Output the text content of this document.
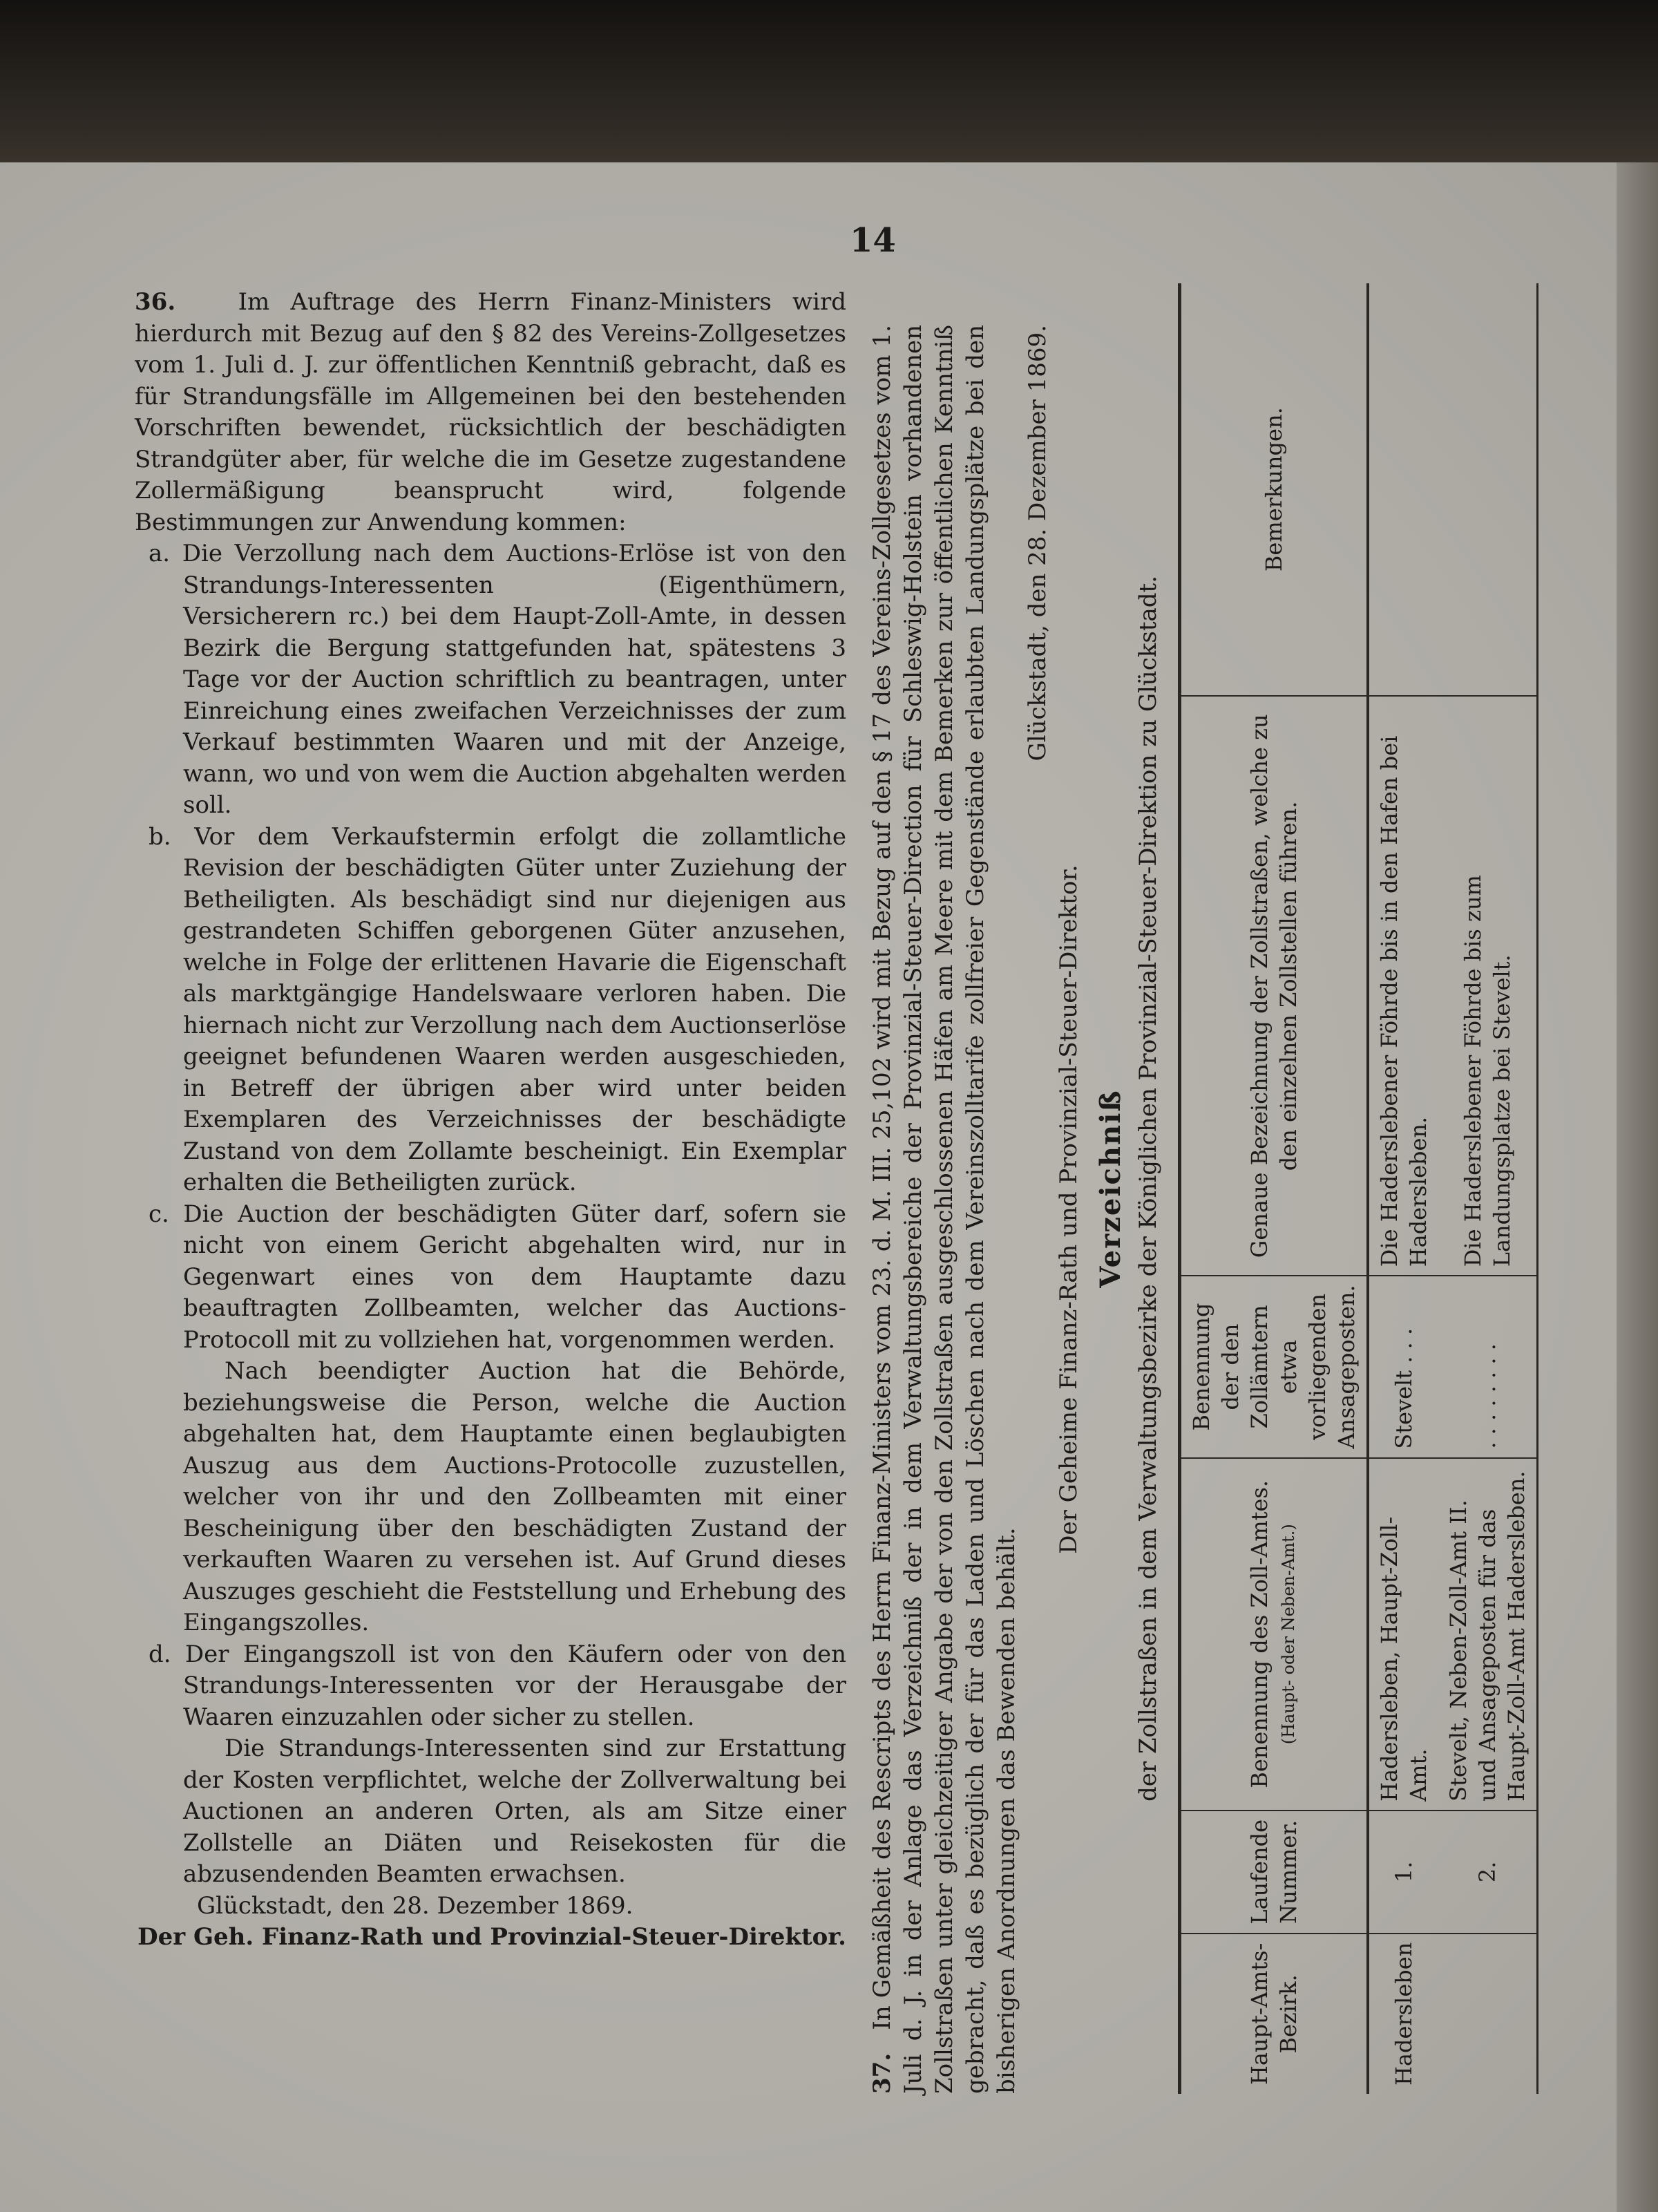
14

36.	Im Auftrage des Herrn Finanz-Ministers wird hierdurch mit Bezug auf den § 82 des Vereins-Zollgesetzes vom 1. Juli d. J. zur öffentlichen Kenntniß gebracht, daß es für Strandungsfälle im Allgemeinen bei den bestehenden Vorschriften bewendet, rücksichtlich der beschädigten Strandgüter aber, für welche die im Gesetze zugestandene Zollermäßigung beansprucht wird, folgende Bestimmungen zur Anwendung kommen:

a. Die Verzollung nach dem Auctions-Erlöse ist von den Strandungs-Interessenten (Eigenthümern, Versicherern rc.) bei dem Haupt-Zoll-Amte, in dessen Bezirk die Bergung stattgefunden hat, spätestens 3 Tage vor der Auction schriftlich zu beantragen, unter Einreichung eines zweifachen Verzeichnisses der zum Verkauf bestimmten Waaren und mit der Anzeige, wann, wo und von wem die Auction abgehalten werden soll.

b. Vor dem Verkaufstermin erfolgt die zollamtliche Revision der beschädigten Güter unter Zuziehung der Betheiligten. Als beschädigt sind nur diejenigen aus gestrandeten Schiffen geborgenen Güter anzusehen, welche in Folge der erlittenen Havarie die Eigenschaft als marktgängige Handelswaare verloren haben. Die hiernach nicht zur Verzollung nach dem Auctionserlöse geeignet befundenen Waaren werden ausgeschieden, in Betreff der übrigen aber wird unter beiden Exemplaren des Verzeichnisses der beschädigte Zustand von dem Zollamte bescheinigt. Ein Exemplar erhalten die Betheiligten zurück.

c. Die Auction der beschädigten Güter darf, sofern sie nicht von einem Gericht abgehalten wird, nur in Gegenwart eines von dem Hauptamte dazu beauftragten Zollbeamten, welcher das Auctions-Protocoll mit zu vollziehen hat, vorgenommen werden.

Nach beendigter Auction hat die Behörde, beziehungsweise die Person, welche die Auction abgehalten hat, dem Hauptamte einen beglaubigten Auszug aus dem Auctions-Protocolle zuzustellen, welcher von ihr und den Zollbeamten mit einer Bescheinigung über den beschädigten Zustand der verkauften Waaren zu versehen ist. Auf Grund dieses Auszuges geschieht die Feststellung und Erhebung des Eingangszolles.

d. Der Eingangszoll ist von den Käufern oder von den Strandungs-Interessenten vor der Herausgabe der Waaren einzuzahlen oder sicher zu stellen.

Die Strandungs-Interessenten sind zur Erstattung der Kosten verpflichtet, welche der Zollverwaltung bei Auctionen an anderen Orten, als am Sitze einer Zollstelle an Diäten und Reisekosten für die abzusendenden Beamten erwachsen.

Glückstadt, den 28. Dezember 1869.

Der Geh. Finanz-Rath und Provinzial-Steuer-Direktor.

37.   In Gemäßheit des Rescripts des Herrn Finanz-Ministers vom 23. d. M. III. 25,102 wird mit Bezug auf den § 17 des Vereins-Zollgesetzes vom 1. Juli d. J. in der Anlage das Verzeichniß der in dem Verwaltungsbereiche der Provinzial-Steuer-Direction für Schleswig-Holstein vorhandenen Zollstraßen unter gleichzeitiger Angabe der von den Zollstraßen ausgeschlossenen Häfen am Meere mit dem Bemerken zur öffentlichen Kenntniß gebracht, daß es bezüglich der für das Laden und Löschen nach dem Vereinszolltarife zollfreier Gegenstände erlaubten Landungsplätze bei den bisherigen Anordnungen das Bewenden behält.

Glückstadt, den 28. Dezember 1869.

Der Geheime Finanz-Rath und Provinzial-Steuer-Direktor. Verzeichniß der Zollstraßen in dem Verwaltungsbezirke der Königlichen Provinzial-Steuer-Direktion zu Glückstadt.
Haupt-Amts-Bezirk.	Laufende Nummer.	Benennung des Zoll-Amtes. (Haupt- oder Neben-Amt.)	Benennung der den Zollämtern etwa vorliegenden Ansageposten.	Genaue Bezeichnung der Zollstraßen, welche zu den einzelnen Zollstellen führen.	Bemerkungen.
Hadersleben	1.	Hadersleben, Haupt-Zoll-Amt.	Stevelt . . .	Die Haderslebener Föhrde bis in den Hafen bei Hadersleben.	
	2.	Stevelt, Neben-Zoll-Amt II. und Ansageposten für das Haupt-Zoll-Amt Hadersleben.	. . . . . . . .	Die Haderslebener Föhrde bis zum Landungsplatze bei Stevelt.	
